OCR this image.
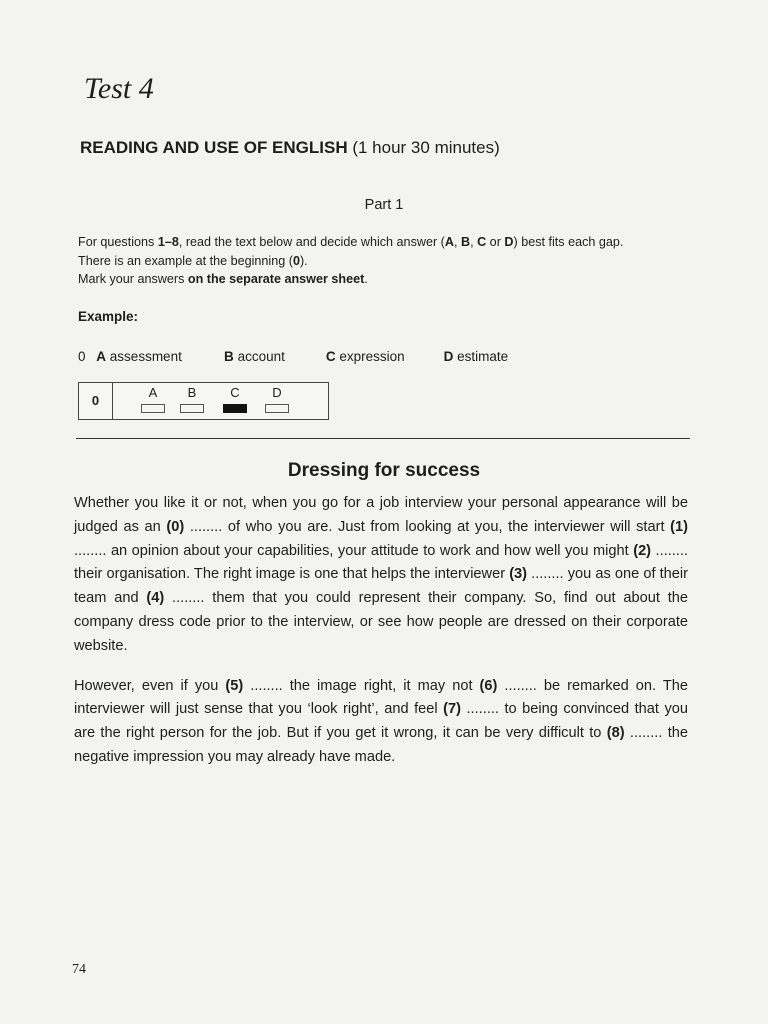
Test 4
READING AND USE OF ENGLISH (1 hour 30 minutes)
Part 1

For questions 1–8, read the text below and decide which answer (A, B, C or D) best fits each gap.

There is an example at the beginning (0).

Mark your answers on the separate answer sheet.

Example:

0 A assessment	B account	C expression	D estimate
0
A	B	C	D
Dressing for success

Whether you like it or not, when you go for a job interview your personal appearance will be judged as an (0) ........ of who you are. Just from looking at you, the interviewer will start (1) ........ an opinion about your capabilities, your attitude to work and how well you might (2) ........ their organisation. The right image is one that helps the interviewer (3) ........ you as one of their team and (4) ........ them that you could represent their company. So, find out about the company dress code prior to the interview, or see how people are dressed on their corporate website.

However, even if you (5) ........ the image right, it may not (6) ........ be remarked on. The interviewer will just sense that you ‘look right’, and feel (7) ........ to being convinced that you are the right person for the job. But if you get it wrong, it can be very difficult to (8) ........ the negative impression you may already have made.

74
